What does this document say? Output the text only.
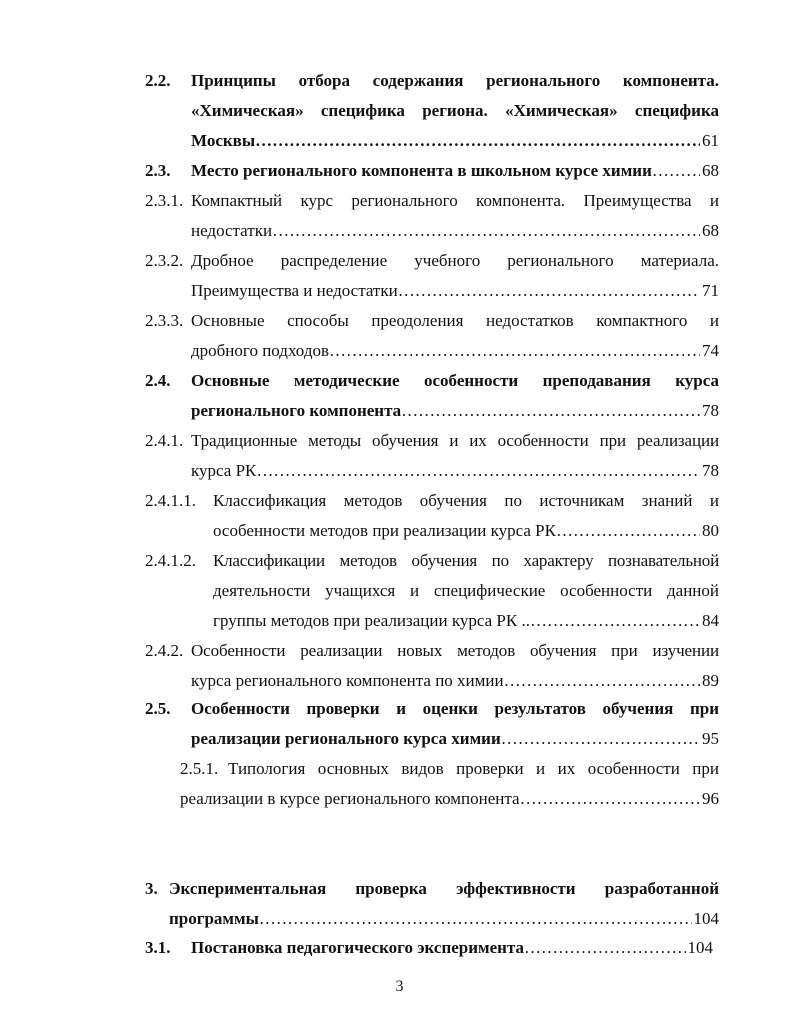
2.2.	Принципы отбора содержания регионального компонента.
«Химическая» специфика региона. «Химическая» специфика
Москвы ……………………………………………………………………………………………………………………………………	61
2.3.	Место регионального компонента в школьном курсе химии ……………………………………………………………………………………………………………………………………	68
2.3.1. Компактный курс регионального компонента. Преимущества и
недостатки ……………………………………………………………………………………………………………………………………	68
2.3.2. Дробное распределение учебного регионального материала.
Преимущества и недостатки ……………………………………………………………………………………………………………………………………	71
2.3.3. Основные способы преодоления недостатков компактного и
дробного подходов ……………………………………………………………………………………………………………………………………	74
2.4.	Основные методические особенности преподавания курса
регионального компонента ……………………………………………………………………………………………………………………………………	78
2.4.1. Традиционные методы обучения и их особенности при реализации
курса РК ……………………………………………………………………………………………………………………………………	78
2.4.1.1.	Классификация методов обучения по источникам знаний и
особенности методов при реализации курса РК ……………………………………………………………………………………………………………………………………	80
2.4.1.2.	Классификации методов обучения по характеру познавательной
деятельности учащихся и специфические особенности данной
группы методов при реализации курса РК .. ……………………………………………………………………………………………………………………………………	84
2.4.2. Особенности реализации новых методов обучения при изучении
курса регионального компонента по химии ……………………………………………………………………………………………………………………………………	89
2.5.	Особенности проверки и оценки результатов обучения при
реализации регионального курса химии ……………………………………………………………………………………………………………………………………	95
2.5.1. Типология основных видов проверки и их особенности при
реализации в курсе регионального компонента ……………………………………………………………………………………………………………………………………	96
3. Экспериментальная проверка эффективности разработанной
программы ……………………………………………………………………………………………………………………………………	104
3.1.	Постановка педагогического эксперимента ……………………………………………………………………………………………………………………………………	104
3
